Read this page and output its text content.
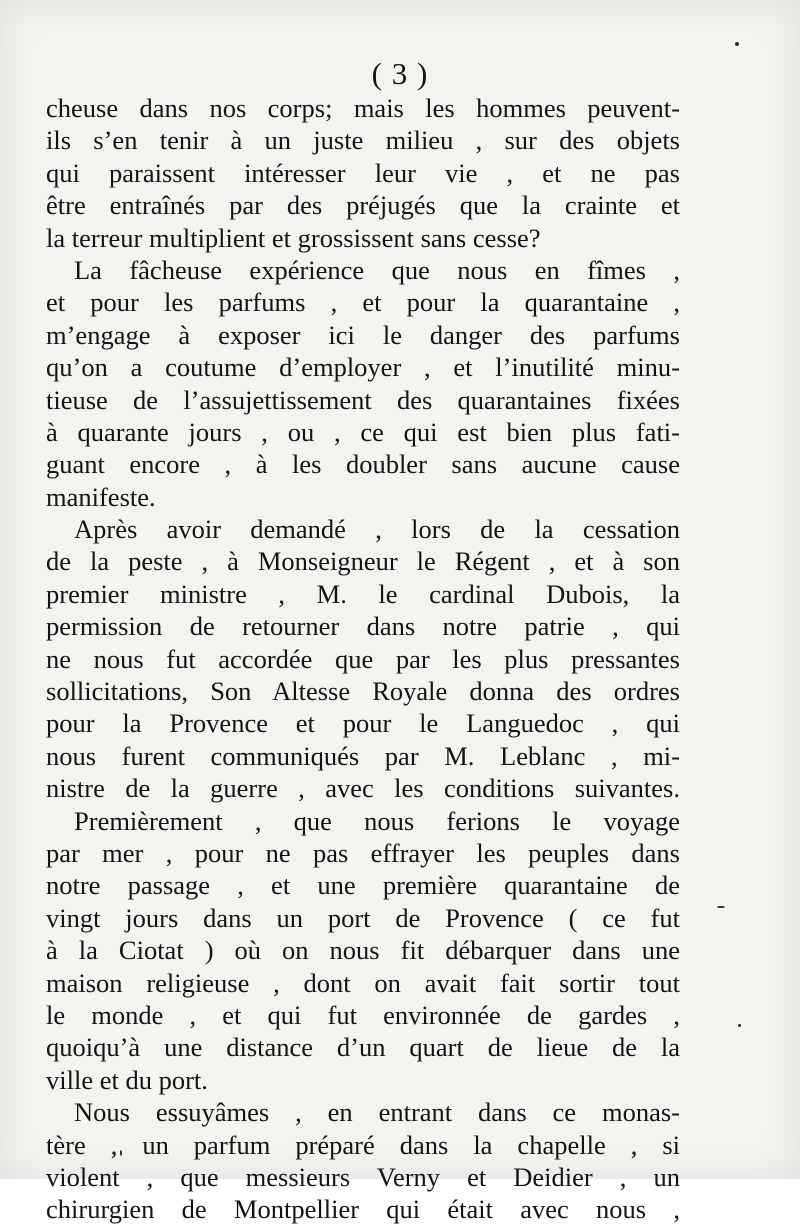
( 3 )
cheuse dans nos corps; mais les hommes peuvent-
ils s’en tenir à un juste milieu , sur des objets
qui paraissent intéresser leur vie , et ne pas
être entraînés par des préjugés que la crainte et
la terreur multiplient et grossissent sans cesse?
La fâcheuse expérience que nous en fîmes ,
et pour les parfums , et pour la quarantaine ,
m’engage à exposer ici le danger des parfums
qu’on a coutume d’employer , et l’inutilité minu-
tieuse de l’assujettissement des quarantaines fixées
à quarante jours , ou , ce qui est bien plus fati-
guant encore , à les doubler sans aucune cause
manifeste.
Après avoir demandé , lors de la cessation
de la peste , à Monseigneur le Régent , et à son
premier ministre , M. le cardinal Dubois, la
permission de retourner dans notre patrie , qui
ne nous fut accordée que par les plus pressantes
sollicitations, Son Altesse Royale donna des ordres
pour la Provence et pour le Languedoc , qui
nous furent communiqués par M. Leblanc , mi-
nistre de la guerre , avec les conditions suivantes.
Premièrement , que nous ferions le voyage
par mer , pour ne pas effrayer les peuples dans
notre passage , et une première quarantaine de
vingt jours dans un port de Provence ( ce fut
à la Ciotat ) où on nous fit débarquer dans une
maison religieuse , dont on avait fait sortir tout
le monde , et qui fut environnée de gardes ,
quoiqu’à une distance d’un quart de lieue de la
ville et du port.
Nous essuyâmes , en entrant dans ce monas-
tère , un parfum préparé dans la chapelle , si
violent , que messieurs Verny et Deidier , un
chirurgien de Montpellier qui était avec nous ,
